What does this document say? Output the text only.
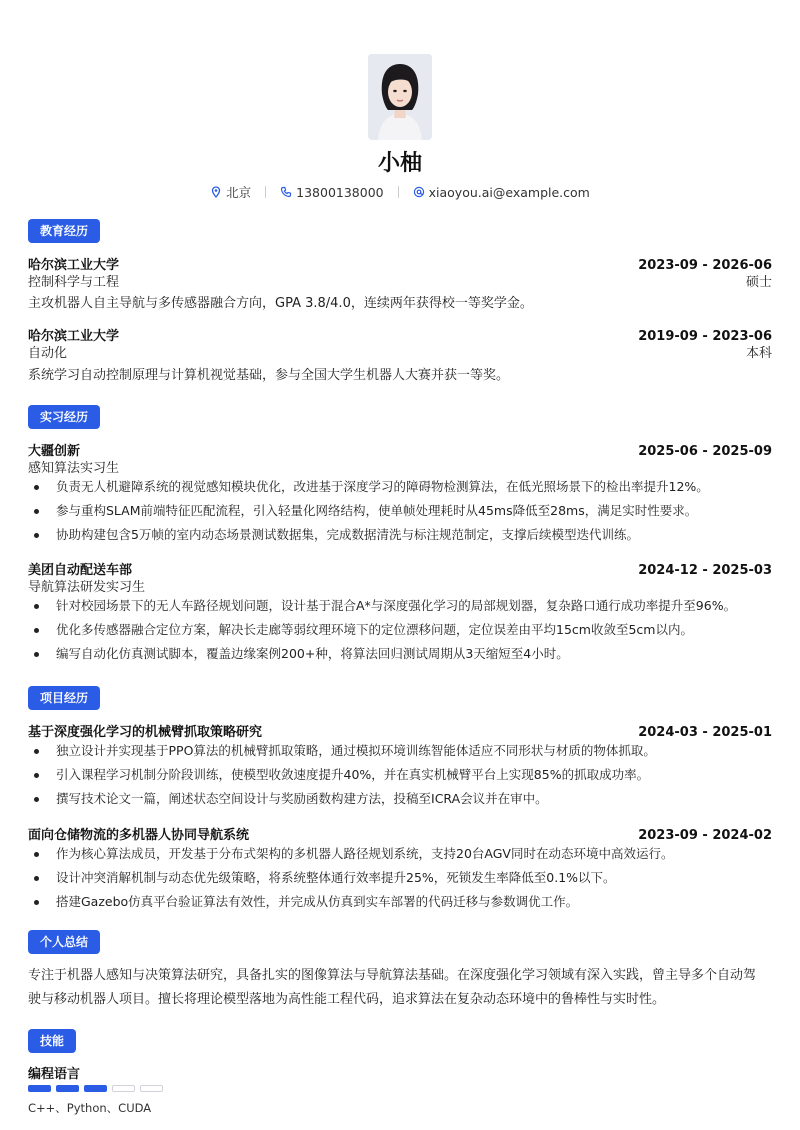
小柚
北京	13800138000	xiaoyou.ai@example.com
教育经历
哈尔滨工业大学	2023-09 - 2026-06
控制科学与工程	硕士
主攻机器人自主导航与多传感器融合方向，GPA 3.8/4.0，连续两年获得校一等奖学金。
哈尔滨工业大学	2019-09 - 2023-06
自动化	本科
系统学习自动控制原理与计算机视觉基础，参与全国大学生机器人大赛并获一等奖。
实习经历
大疆创新	2025-06 - 2025-09
感知算法实习生
负责无人机避障系统的视觉感知模块优化，改进基于深度学习的障碍物检测算法，在低光照场景下的检出率提升12%。
参与重构SLAM前端特征匹配流程，引入轻量化网络结构，使单帧处理耗时从45ms降低至28ms，满足实时性要求。
协助构建包含5万帧的室内动态场景测试数据集，完成数据清洗与标注规范制定，支撑后续模型迭代训练。
美团自动配送车部	2024-12 - 2025-03
导航算法研发实习生
针对校园场景下的无人车路径规划问题，设计基于混合A*与深度强化学习的局部规划器，复杂路口通行成功率提升至96%。
优化多传感器融合定位方案，解决长走廊等弱纹理环境下的定位漂移问题，定位误差由平均15cm收敛至5cm以内。
编写自动化仿真测试脚本，覆盖边缘案例200+种，将算法回归测试周期从3天缩短至4小时。
项目经历
基于深度强化学习的机械臂抓取策略研究	2024-03 - 2025-01
独立设计并实现基于PPO算法的机械臂抓取策略，通过模拟环境训练智能体适应不同形状与材质的物体抓取。
引入课程学习机制分阶段训练，使模型收敛速度提升40%，并在真实机械臂平台上实现85%的抓取成功率。
撰写技术论文一篇，阐述状态空间设计与奖励函数构建方法，投稿至ICRA会议并在审中。
面向仓储物流的多机器人协同导航系统	2023-09 - 2024-02
作为核心算法成员，开发基于分布式架构的多机器人路径规划系统，支持20台AGV同时在动态环境中高效运行。
设计冲突消解机制与动态优先级策略，将系统整体通行效率提升25%，死锁发生率降低至0.1%以下。
搭建Gazebo仿真平台验证算法有效性，并完成从仿真到实车部署的代码迁移与参数调优工作。
个人总结
专注于机器人感知与决策算法研究，具备扎实的图像算法与导航算法基础。在深度强化学习领域有深入实践，曾主导多个自动驾
驶与移动机器人项目。擅长将理论模型落地为高性能工程代码，追求算法在复杂动态环境中的鲁棒性与实时性。
技能
编程语言
C++、Python、CUDA
